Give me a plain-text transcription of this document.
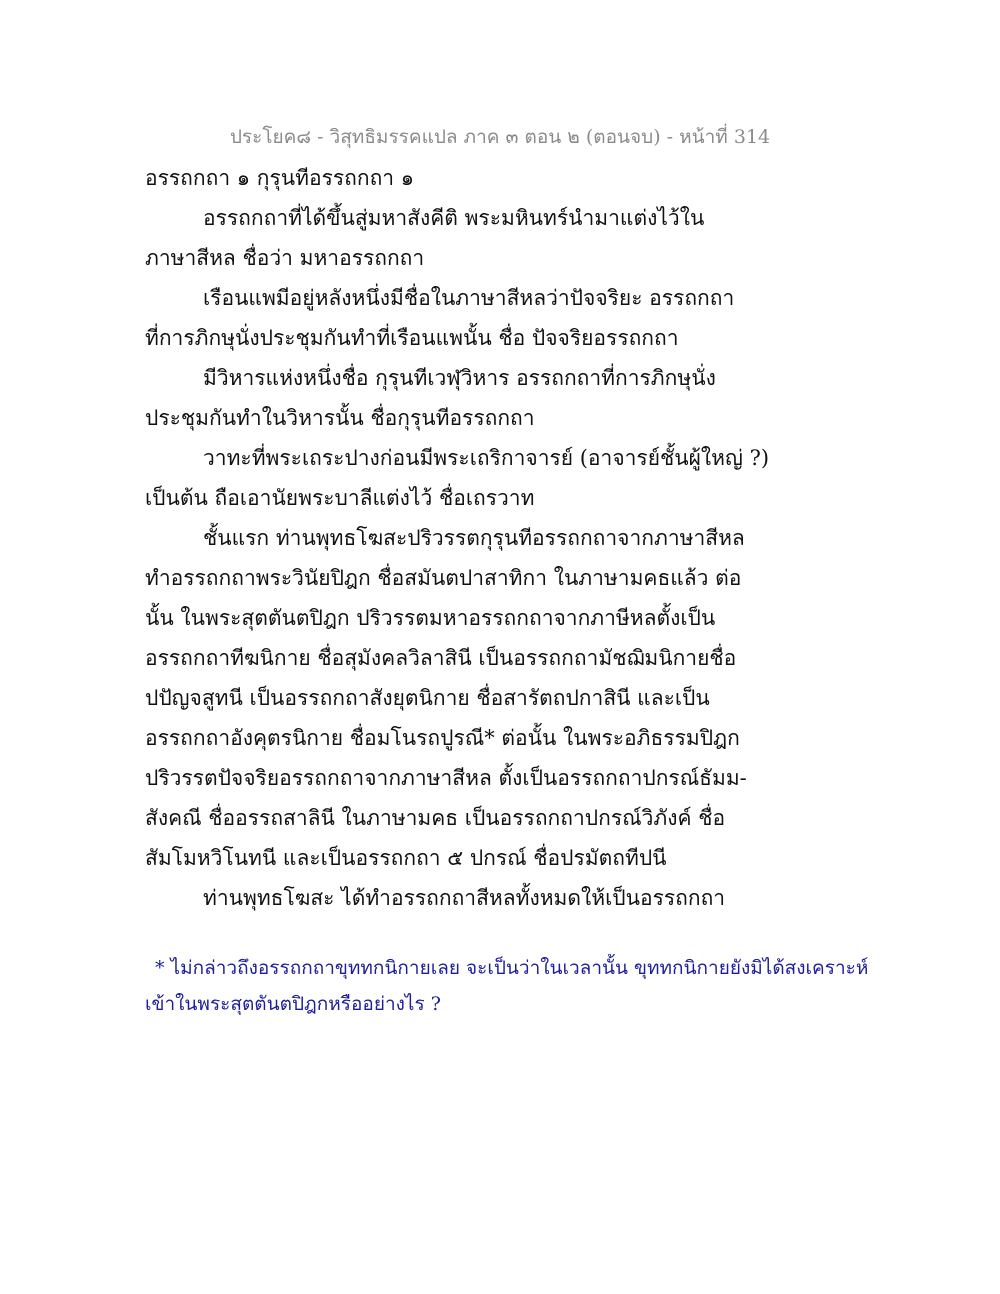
ประโยค๘ - วิสุทธิมรรคแปล ภาค ๓ ตอน ๒ (ตอนจบ) - หน้าที่ 314
อรรถกถา ๑ กุรุนทีอรรถกถา ๑
อรรถกถาที่ได้ขึ้นสู่มหาสังคีติ พระมหินทร์นำมาแต่งไว้ใน
ภาษาสีหล ชื่อว่า มหาอรรถกถา
เรือนแพมีอยู่หลังหนึ่งมีชื่อในภาษาสีหลว่าปัจจริยะ อรรถกถา
ที่การภิกษุนั่งประชุมกันทำที่เรือนแพนั้น ชื่อ ปัจจริยอรรถกถา
มีวิหารแห่งหนึ่งชื่อ กุรุนทีเวฬุวิหาร อรรถกถาที่การภิกษุนั่ง
ประชุมกันทำในวิหารนั้น ชื่อกุรุนทีอรรถกถา
วาทะที่พระเถระปางก่อนมีพระเถริกาจารย์ (อาจารย์ชั้นผู้ใหญ่ ?)
เป็นต้น ถือเอานัยพระบาลีแต่งไว้ ชื่อเถรวาท
ชั้นแรก ท่านพุทธโฆสะปริวรรตกุรุนทีอรรถกถาจากภาษาสีหล
ทำอรรถกถาพระวินัยปิฎก ชื่อสมันตปาสาทิกา ในภาษามคธแล้ว ต่อ
นั้น ในพระสุตตันตปิฎก ปริวรรตมหาอรรถกถาจากภาษีหลตั้งเป็น
อรรถกถาทีฆนิกาย ชื่อสุมังคลวิลาสินี เป็นอรรถกถามัชฌิมนิกายชื่อ
ปปัญจสูทนี เป็นอรรถกถาสังยุตนิกาย ชื่อสารัตถปกาสินี และเป็น
อรรถกถาอังคุตรนิกาย ชื่อมโนรถปูรณี* ต่อนั้น ในพระอภิธรรมปิฎก
ปริวรรตปัจจริยอรรถกถาจากภาษาสีหล ตั้งเป็นอรรถกถาปกรณ์ธัมม-
สังคณี ชื่ออรรถสาลินี ในภาษามคธ เป็นอรรถกถาปกรณ์วิภังค์ ชื่อ
สัมโมหวิโนทนี และเป็นอรรถกถา ๕ ปกรณ์ ชื่อปรมัตถทีปนี
ท่านพุทธโฆสะ ได้ทำอรรถกถาสีหลทั้งหมดให้เป็นอรรถกถา
* ไม่กล่าวถึงอรรถกถาขุททกนิกายเลย จะเป็นว่าในเวลานั้น ขุททกนิกายยังมิได้สงเคราะห์
เข้าในพระสุตตันตปิฎกหรืออย่างไร ?
